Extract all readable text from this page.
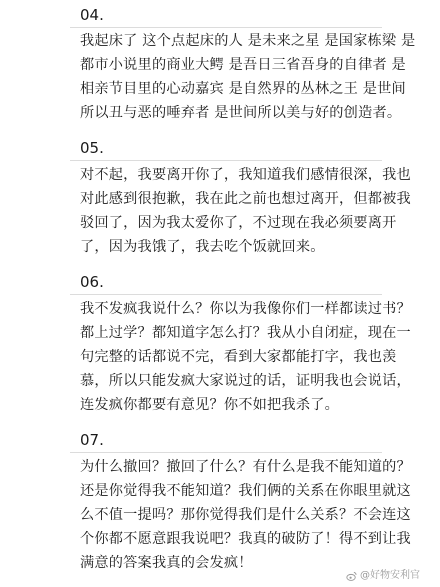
04.
我起床了 这个点起床的人 是未来之星 是国家栋梁 是
都市小说里的商业大鳄 是吾日三省吾身的自律者 是
相亲节目里的心动嘉宾 是自然界的丛林之王 是世间
所以丑与恶的唾弃者 是世间所以美与好的创造者。
05.
对不起，我要离开你了，我知道我们感情很深，我也
对此感到很抱歉，我在此之前也想过离开，但都被我
驳回了，因为我太爱你了，不过现在我必须要离开
了，因为我饿了，我去吃个饭就回来。
06.
我不发疯我说什么？你以为我像你们一样都读过书？
都上过学？都知道字怎么打？我从小自闭症，现在一
句完整的话都说不完，看到大家都能打字，我也羡
慕，所以只能发疯大家说过的话，证明我也会说话，
连发疯你都要有意见？你不如把我杀了。
07.
为什么撤回？撤回了什么？有什么是我不能知道的？
还是你觉得我不能知道？我们俩的关系在你眼里就这
么不值一提吗？那你觉得我们是什么关系？不会连这
个你都不愿意跟我说吧？我真的破防了！得不到让我
满意的答案我真的会发疯！
@好物安利官
